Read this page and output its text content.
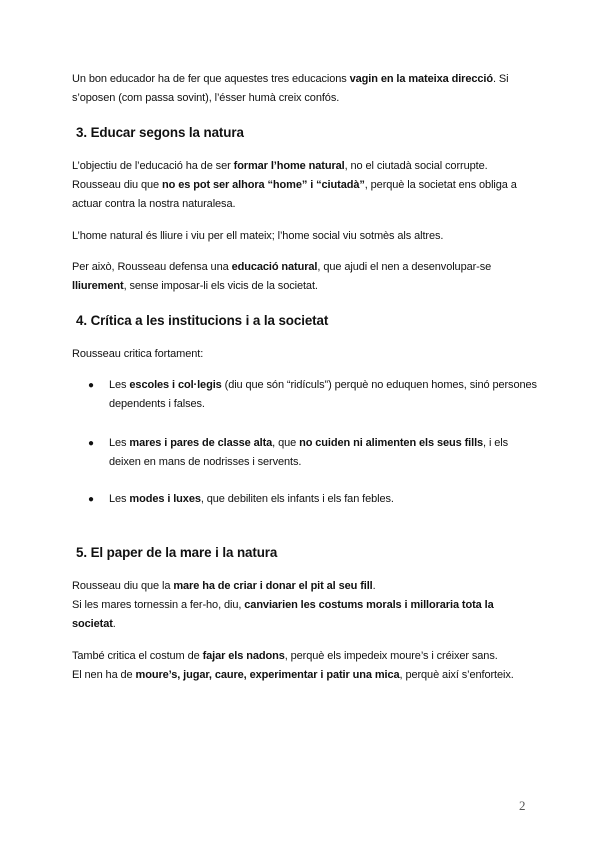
Un bon educador ha de fer que aquestes tres educacions vagin en la mateixa direcció. Si s’oposen (com passa sovint), l’ésser humà creix confós.

3. Educar segons la natura

L’objectiu de l’educació ha de ser formar l’home natural, no el ciutadà social corrupte. Rousseau diu que no es pot ser alhora “home” i “ciutadà”, perquè la societat ens obliga a actuar contra la nostra naturalesa.

L’home natural és lliure i viu per ell mateix; l’home social viu sotmès als altres.

Per això, Rousseau defensa una educació natural, que ajudi el nen a desenvolupar-se lliurement, sense imposar-li els vicis de la societat.

4. Crítica a les institucions i a la societat

Rousseau critica fortament:

●	Les escoles i col·legis (diu que són “ridículs”) perquè no eduquen homes, sinó persones dependents i falses.

●	Les mares i pares de classe alta, que no cuiden ni alimenten els seus fills, i els deixen en mans de nodrisses i servents.

●	Les modes i luxes, que debiliten els infants i els fan febles.

5. El paper de la mare i la natura

Rousseau diu que la mare ha de criar i donar el pit al seu fill.
Si les mares tornessin a fer-ho, diu, canviarien les costums morals i milloraria tota la societat.

També critica el costum de fajar els nadons, perquè els impedeix moure’s i créixer sans.
El nen ha de moure’s, jugar, caure, experimentar i patir una mica, perquè així s’enforteix.

2
